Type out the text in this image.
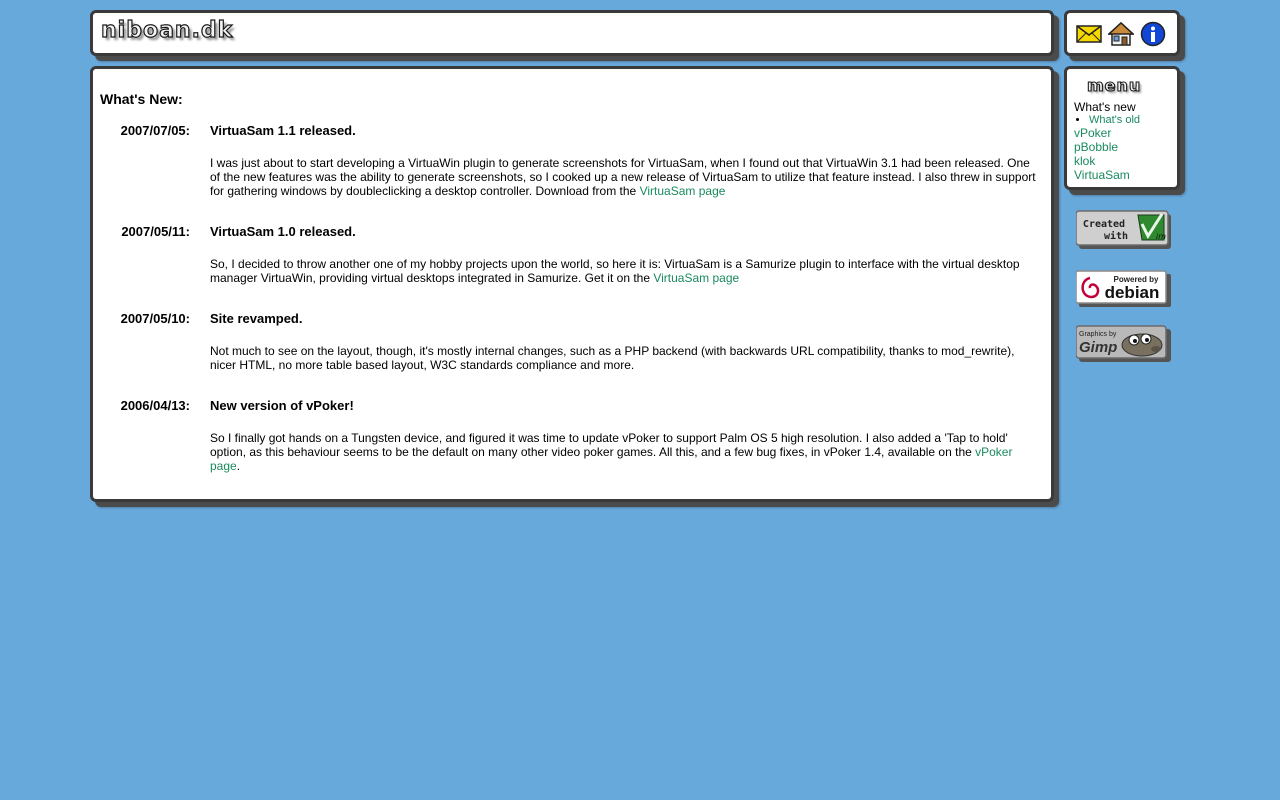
niboan.dk
What's New:
2007/07/05:	VirtuaSam 1.1 released.
I was just about to start developing a VirtuaWin plugin to generate screenshots for VirtuaSam, when I found out that VirtuaWin 3.1 had been released. One of the new features was the ability to generate screenshots, so I cooked up a new release of VirtuaSam to utilize that feature instead. I also threw in support for gathering windows by doubleclicking a desktop controller. Download from the VirtuaSam page

2007/05/11:	VirtuaSam 1.0 released.
So, I decided to throw another one of my hobby projects upon the world, so here it is: VirtuaSam is a Samurize plugin to interface with the virtual desktop manager VirtuaWin, providing virtual desktops integrated in Samurize. Get it on the VirtuaSam page

2007/05/10:	Site revamped.
Not much to see on the layout, though, it's mostly internal changes, such as a PHP backend (with backwards URL compatibility, thanks to mod_rewrite), nicer HTML, no more table based layout, W3C standards compliance and more.

2006/04/13:	New version of vPoker!
So I finally got hands on a Tungsten device, and figured it was time to update vPoker to support Palm OS 5 high resolution. I also added a 'Tap to hold' option, as this behaviour seems to be the default on many other video poker games. All this, and a few bug fixes, in vPoker 1.4, available on the vPoker page.
menu
What's new
• What's old
vPoker
pBobble
klok
VirtuaSam
Created
with	im
Powered by
debian
Graphics by
Gimp
